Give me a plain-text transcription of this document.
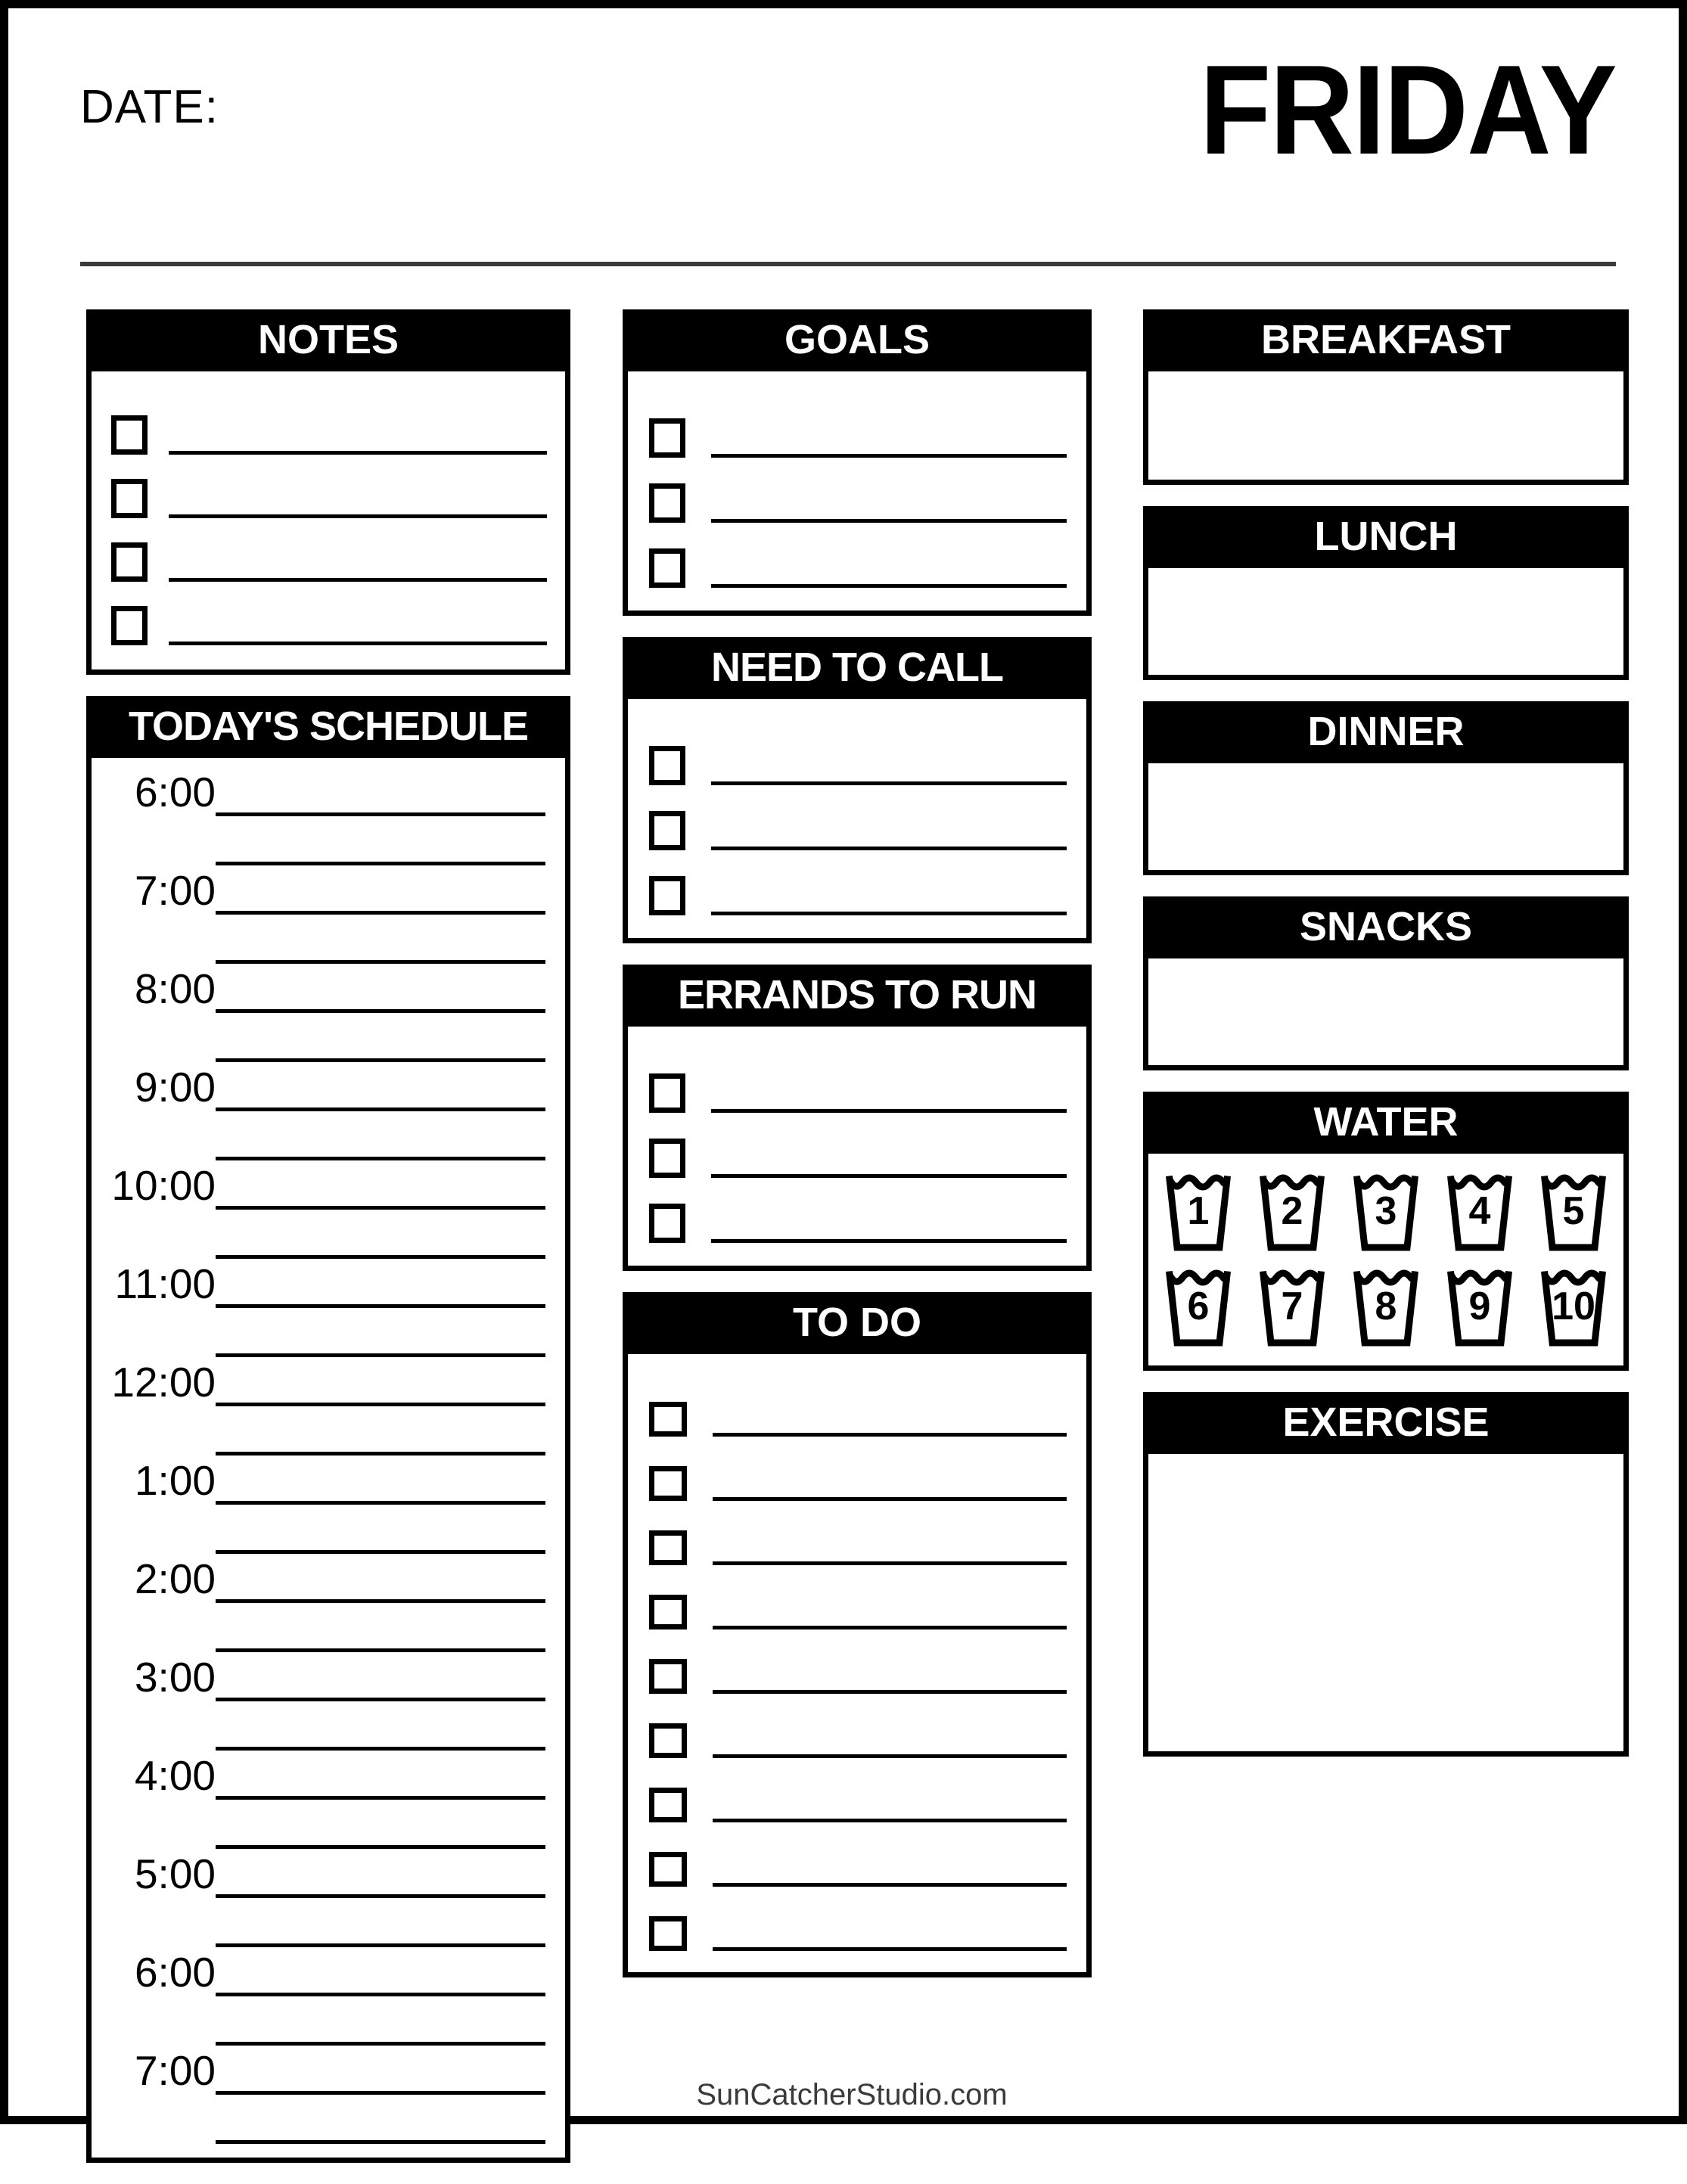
DATE:	FRIDAY
NOTES
TODAY'S SCHEDULE
6:00
7:00
8:00
9:00
10:00
11:00
12:00
1:00
2:00
3:00
4:00
5:00
6:00
7:00
GOALS
NEED TO CALL
ERRANDS TO RUN
TO DO
BREAKFAST
LUNCH
DINNER
SNACKS
WATER
1	2	3	4	5
6	7	8	9	10
EXERCISE
SunCatcherStudio.com
